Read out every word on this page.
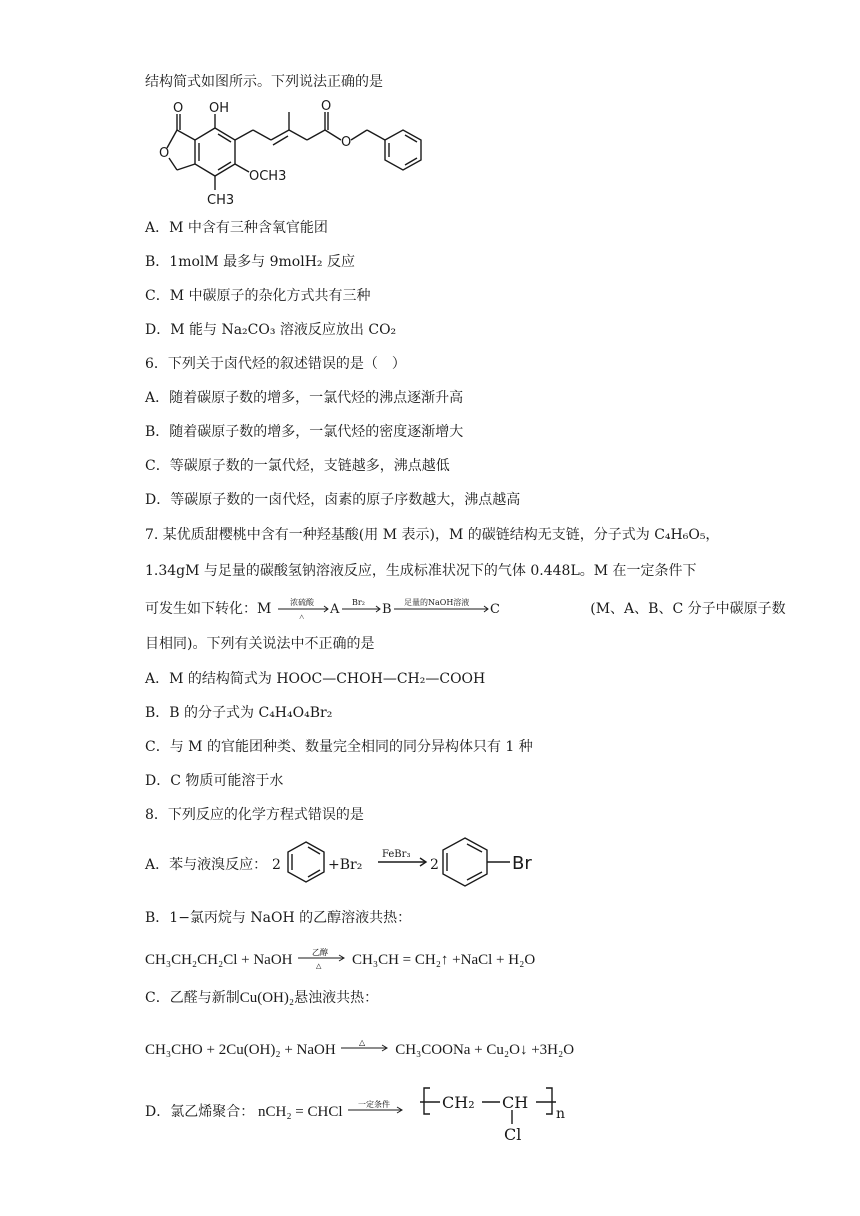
结构简式如图所示。下列说法正确的是
OH
O
O
OCH3
CH3
O
O
A．M 中含有三种含氧官能团
B．1molM 最多与 9molH₂ 反应
C．M 中碳原子的杂化方式共有三种
D．M 能与 Na₂CO₃ 溶液反应放出 CO₂
6．下列关于卤代烃的叙述错误的是（　）
A．随着碳原子数的增多，一氯代烃的沸点逐渐升高
B．随着碳原子数的增多，一氯代烃的密度逐渐增大
C．等碳原子数的一氯代烃，支链越多，沸点越低
D．等碳原子数的一卤代烃，卤素的原子序数越大，沸点越高
7. 某优质甜樱桃中含有一种羟基酸(用 M 表示)，M 的碳链结构无支链，分子式为 C₄H₆O₅，
1.34gM 与足量的碳酸氢钠溶液反应，生成标准状况下的气体 0.448L。M 在一定条件下
可发生如下转化：M 浓硫酸
△ A Br₂ B 足量的NaOH溶液 C	(M、A、B、C 分子中碳原子数
目相同)。下列有关说法中不正确的是
A．M 的结构简式为 HOOC—CHOH—CH₂—COOH
B．B 的分子式为 C₄H₄O₄Br₂
C．与 M 的官能团种类、数量完全相同的同分异构体只有 1 种
D．C 物质可能溶于水
8．下列反应的化学方程式错误的是
A．苯与液溴反应： 2	+Br₂
FeBr₃
2	Br
B．1−氯丙烷与 NaOH 的乙醇溶液共热：
CH₃CH₂CH₂Cl + NaOH 乙醇
△ CH₃CH = CH₂↑ +NaCl + H₂O
C．乙醛与新制Cu(OH)₂悬浊液共热：
CH₃CHO + 2Cu(OH)₂ + NaOH	△ CH₃COONa + Cu₂O↓ +3H₂O
D．氯乙烯聚合： nCH₂ = CHCl 一定条件	CH₂ CH
n
Cl
